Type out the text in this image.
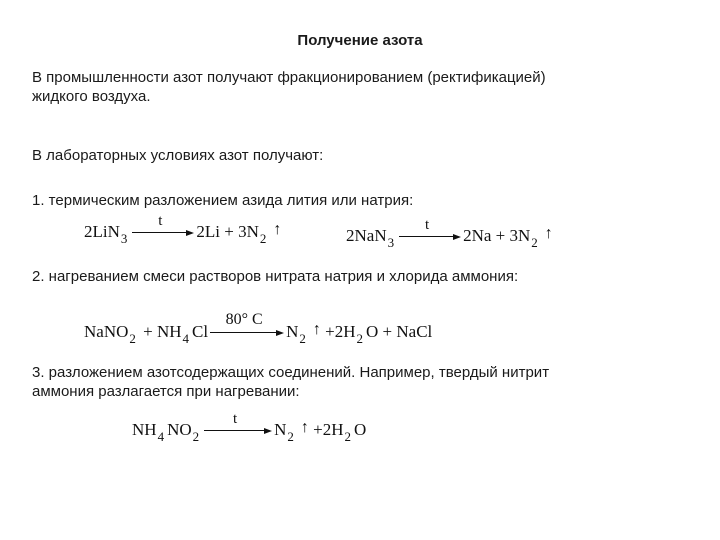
Получение азота
В промышленности азот получают фракционированием (ректификацией)
жидкого воздуха.
В лабораторных условиях азот получают:
1. термическим разложением азида лития или натрия:
2LiN$_3$
t
$2Li + 3N_2↑$	2NaN$_3$
t
$2Na + 3N_2↑$
2. нагреванием смеси растворов нитрата натрия и хлорида аммония:
NaNO$_2$ + $NH_4$ Cl
80° C
$N_2↑ +2H_2$ O + NaCl
3. разложением азотсодержащих соединений. Например, твердый нитрит
аммония разлагается при нагревании:
$NH_4$ $NO_2$
t
$N_2↑ +2H_2$ O
